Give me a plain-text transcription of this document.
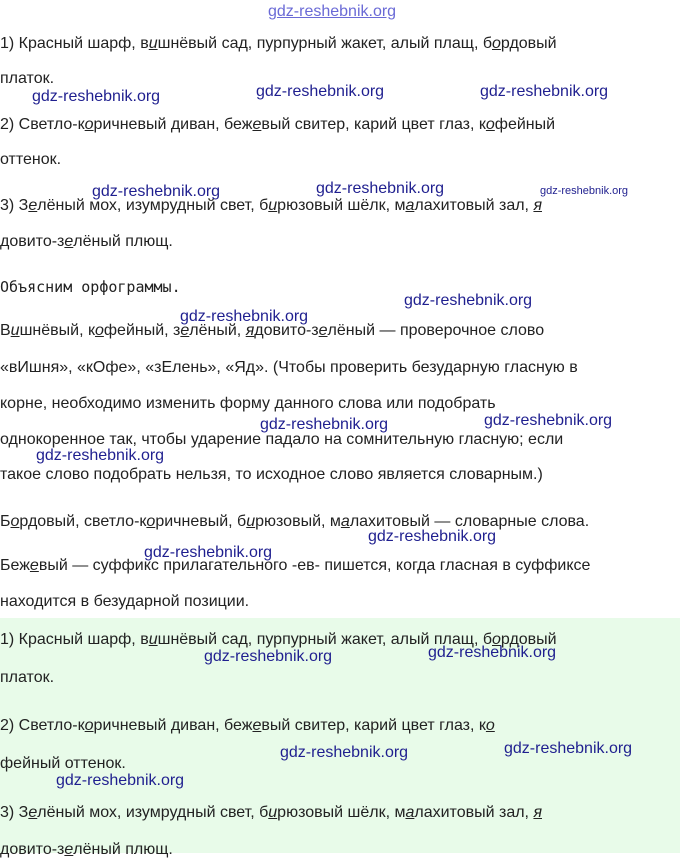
gdz-reshebnik.org
1) Красный шарф, вишнёвый сад, пурпурный жакет, алый плащ, бордовый
платок.
2) Светло-коричневый диван, бежевый свитер, карий цвет глаз, кофейный
оттенок.
3) Зелёный мох, изумрудный свет, бирюзовый шёлк, малахитовый зал, я
довито-зелёный плющ.
Объясним орфограммы.
Вишнёвый, кофейный, зелёный, ядовито-зелёный — проверочное слово
«вИшня», «кОфе», «зЕлень», «Яд». (Чтобы проверить безударную гласную в
корне, необходимо изменить форму данного слова или подобрать
однокоренное так, чтобы ударение падало на сомнительную гласную; если
такое слово подобрать нельзя, то исходное слово является словарным.)
Бордовый, светло-коричневый, бирюзовый, малахитовый — словарные слова.
Бежевый — суффикс прилагательного -ев- пишется, когда гласная в суффиксе
находится в безударной позиции.
1) Красный шарф, вишнёвый сад, пурпурный жакет, алый плащ, бордовый
платок.
2) Светло-коричневый диван, бежевый свитер, карий цвет глаз, ко
фейный оттенок.
3) Зелёный мох, изумрудный свет, бирюзовый шёлк, малахитовый зал, я
довито-зелёный плющ.
gdz-reshebnik.org	gdz-reshebnik.org	gdz-reshebnik.org
gdz-reshebnik.org	gdz-reshebnik.org	gdz-reshebnik.org
gdz-reshebnik.org
gdz-reshebnik.org
gdz-reshebnik.org	gdz-reshebnik.org
gdz-reshebnik.org
gdz-reshebnik.org
gdz-reshebnik.org
gdz-reshebnik.org	gdz-reshebnik.org
gdz-reshebnik.org	gdz-reshebnik.org
gdz-reshebnik.org
